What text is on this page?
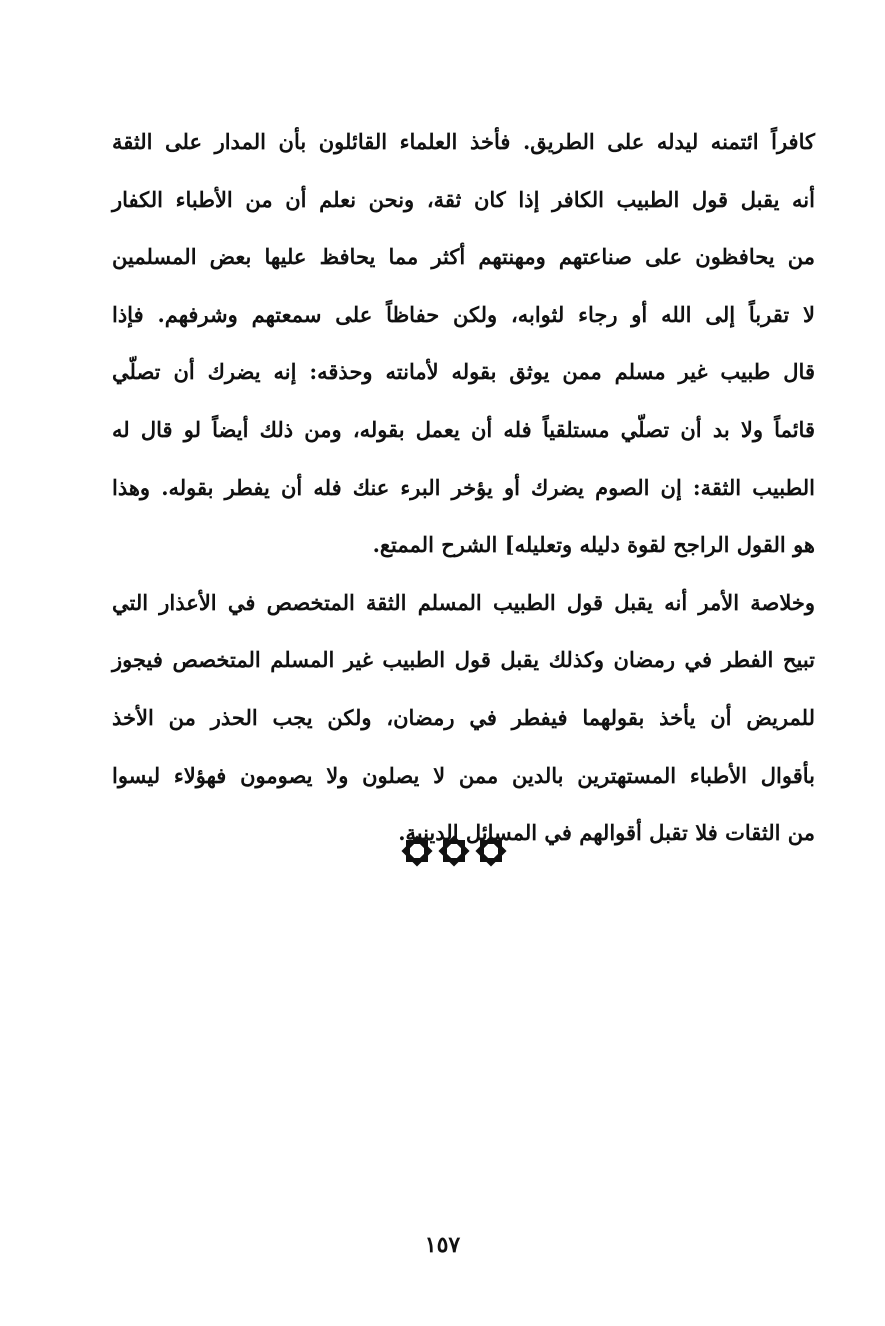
كافراً ائتمنه ليدله على الطريق. فأخذ العلماء القائلون بأن المدار على الثقة
أنه يقبل قول الطبيب الكافر إذا كان ثقة، ونحن نعلم أن من الأطباء الكفار
من يحافظون على صناعتهم ومهنتهم أكثر مما يحافظ عليها بعض المسلمين
لا تقرباً إلى الله أو رجاء لثوابه، ولكن حفاظاً على سمعتهم وشرفهم. فإذا
قال طبيب غير مسلم ممن يوثق بقوله لأمانته وحذقه: إنه يضرك أن تصلّي
قائماً ولا بد أن تصلّي مستلقياً فله أن يعمل بقوله، ومن ذلك أيضاً لو قال له
الطبيب الثقة: إن الصوم يضرك أو يؤخر البرء عنك فله أن يفطر بقوله. وهذا
هو القول الراجح لقوة دليله وتعليله] الشرح الممتع.
وخلاصة الأمر أنه يقبل قول الطبيب المسلم الثقة المتخصص في الأعذار التي
تبيح الفطر في رمضان وكذلك يقبل قول الطبيب غير المسلم المتخصص فيجوز
للمريض أن يأخذ بقولهما فيفطر في رمضان، ولكن يجب الحذر من الأخذ
بأقوال الأطباء المستهترين بالدين ممن لا يصلون ولا يصومون فهؤلاء ليسوا
من الثقات فلا تقبل أقوالهم في المسائل الدينية.
١٥٧
